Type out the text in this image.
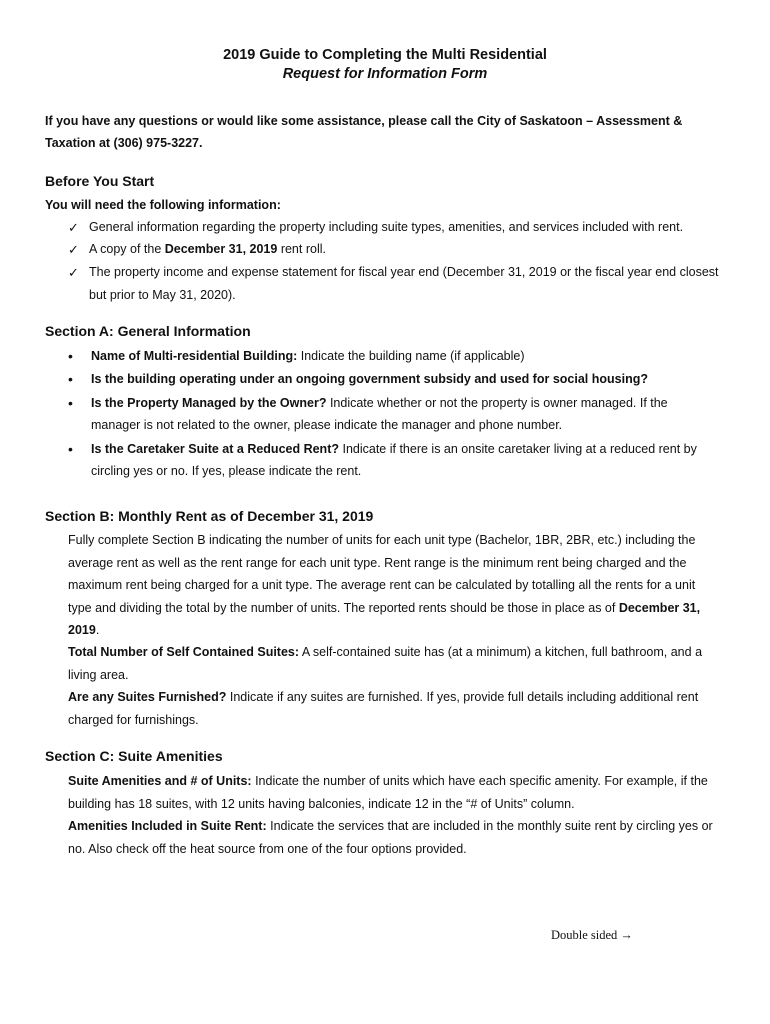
2019 Guide to Completing the Multi Residential
Request for Information Form
If you have any questions or would like some assistance, please call the City of Saskatoon – Assessment & Taxation at (306) 975-3227.
Before You Start
You will need the following information:
✓ General information regarding the property including suite types, amenities, and services included with rent.
✓ A copy of the December 31, 2019 rent roll.
✓ The property income and expense statement for fiscal year end (December 31, 2019 or the fiscal year end closest
but prior to May 31, 2020).
Section A: General Information
• Name of Multi-residential Building: Indicate the building name (if applicable)
• Is the building operating under an ongoing government subsidy and used for social housing?
• Is the Property Managed by the Owner? Indicate whether or not the property is owner managed. If the
manager is not related to the owner, please indicate the manager and phone number.
• Is the Caretaker Suite at a Reduced Rent? Indicate if there is an onsite caretaker living at a reduced rent by
circling yes or no. If yes, please indicate the rent.
Section B: Monthly Rent as of December 31, 2019
Fully complete Section B indicating the number of units for each unit type (Bachelor, 1BR, 2BR, etc.) including the average rent as well as the rent range for each unit type. Rent range is the minimum rent being charged and the maximum rent being charged for a unit type. The average rent can be calculated by totalling all the rents for a unit type and dividing the total by the number of units. The reported rents should be those in place as of December 31, 2019.
Total Number of Self Contained Suites: A self-contained suite has (at a minimum) a kitchen, full bathroom, and a living area.
Are any Suites Furnished? Indicate if any suites are furnished. If yes, provide full details including additional rent charged for furnishings.
Section C: Suite Amenities
Suite Amenities and # of Units: Indicate the number of units which have each specific amenity. For example, if the building has 18 suites, with 12 units having balconies, indicate 12 in the “# of Units” column.
Amenities Included in Suite Rent: Indicate the services that are included in the monthly suite rent by circling yes or no. Also check off the heat source from one of the four options provided.
Double sided →
